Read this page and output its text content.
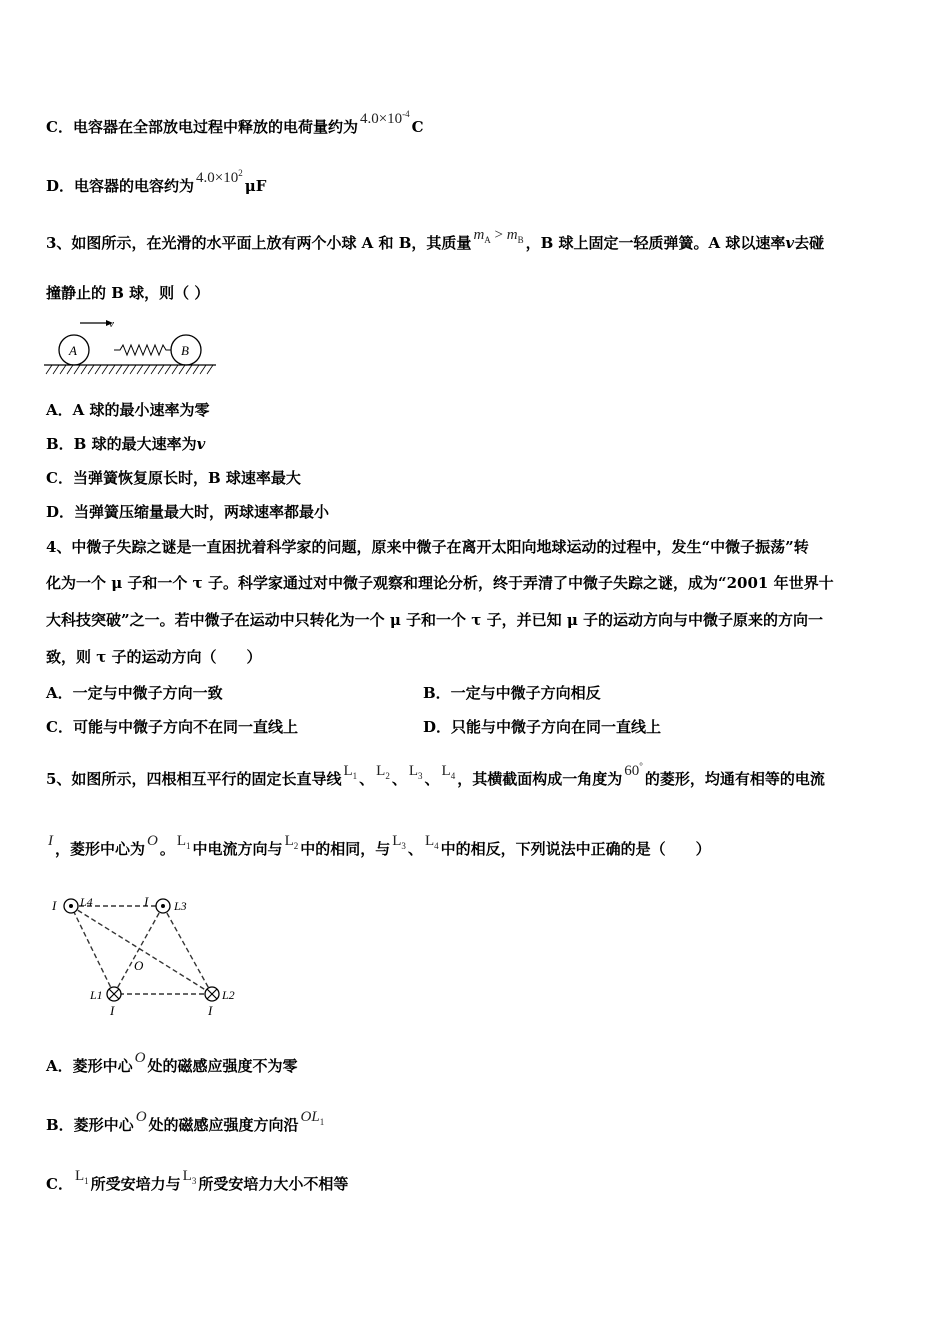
C．电容器在全部放电过程中释放的电荷量约为 $4.0\times 10^{-4}C$
D．电容器的电容约为 $4.0\times 10^2\mu F$
3、如图所示，在光滑的水平面上放有两个小球 A 和 B，其质量 $m_A > m_B$ ，B 球上固定一轻质弹簧。A 球以速率v去碰
撞静止的 B 球，则（ ）
v
A	B
A．A 球的最小速率为零
B．B 球的最大速率为v
C．当弹簧恢复原长时，B 球速率最大
D．当弹簧压缩量最大时，两球速率都最小
4、中微子失踪之谜是一直困扰着科学家的问题，原来中微子在离开太阳向地球运动的过程中，发生“中微子振荡”转
化为一个 μ 子和一个 τ 子。科学家通过对中微子观察和理论分析，终于弄清了中微子失踪之谜，成为“2001 年世界十
大科技突破”之一。若中微子在运动中只转化为一个 μ 子和一个 τ 子，并已知 μ 子的运动方向与中微子原来的方向一
致，则 τ 子的运动方向（　　）
A．一定与中微子方向一致	B．一定与中微子方向相反
C．可能与中微子方向不在同一直线上	D．只能与中微子方向在同一直线上
5、如图所示，四根相互平行的固定长直导线 $L_1$ 、 $L_2$ 、 $L_3$ 、 $L_4$ ，其横截面构成一角度为 60°的菱形，均通有相等的电流
I ，菱形中心为 O 。 $L_1$ 中电流方向与 $L_2$ 中的相同，与 $L_3$ 、 $L_4$ 中的相反，下列说法中正确的是（　　）
I L4	I L3
O
L1	L2
I	I
A．菱形中心 O 处的磁感应强度不为零
B．菱形中心 O 处的磁感应强度方向沿 $OL_1$
C． $L_1$ 所受安培力与 $L_3$ 所受安培力大小不相等
